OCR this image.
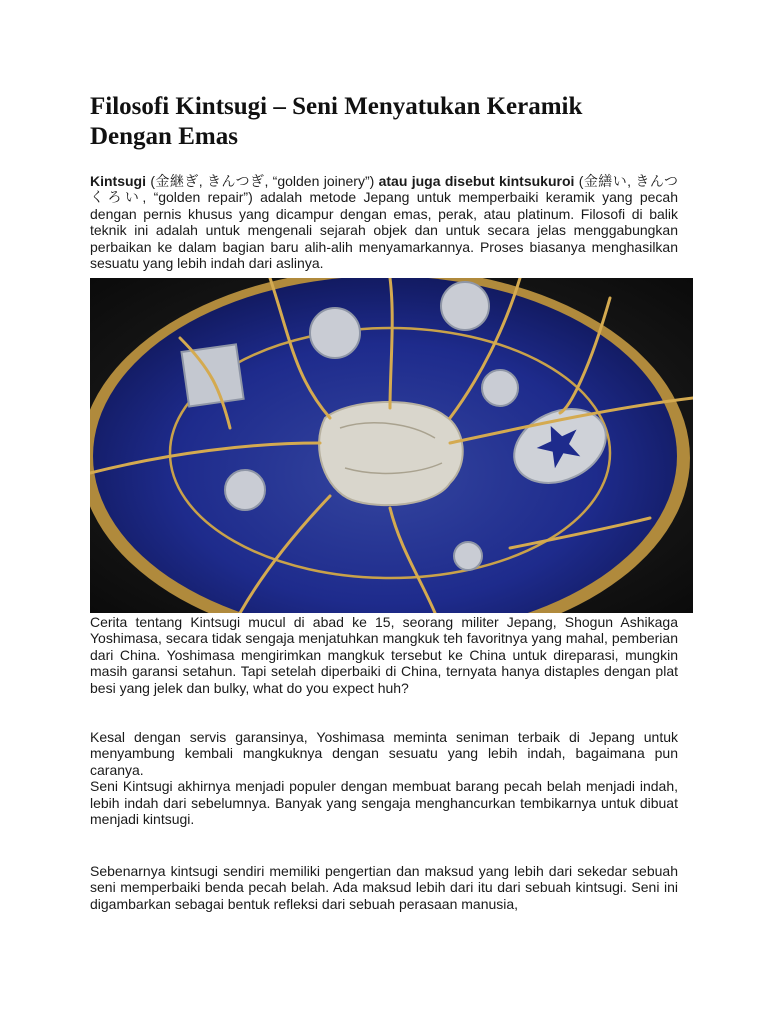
Filosofi Kintsugi – Seni Menyatukan Keramik
Dengan Emas

Kintsugi (金継ぎ, きんつぎ, “golden joinery”) atau juga disebut kintsukuroi (金繕い, きんつくろい, “golden repair”) adalah metode Jepang untuk memperbaiki keramik yang pecah dengan pernis khusus yang dicampur dengan emas, perak, atau platinum. Filosofi di balik teknik ini adalah untuk mengenali sejarah objek dan untuk secara jelas menggabungkan perbaikan ke dalam bagian baru alih-alih menyamarkannya. Proses biasanya menghasilkan sesuatu yang lebih indah dari aslinya.

Cerita tentang Kintsugi mucul di abad ke 15, seorang militer Jepang, Shogun Ashikaga Yoshimasa, secara tidak sengaja menjatuhkan mangkuk teh favoritnya yang mahal, pemberian dari China. Yoshimasa mengirimkan mangkuk tersebut ke China untuk direparasi, mungkin masih garansi setahun. Tapi setelah diperbaiki di China, ternyata hanya distaples dengan plat besi yang jelek dan bulky, what do you expect huh?

Kesal dengan servis garansinya, Yoshimasa meminta seniman terbaik di Jepang untuk menyambung kembali mangkuknya dengan sesuatu yang lebih indah, bagaimana pun caranya.

Seni Kintsugi akhirnya menjadi populer dengan membuat barang pecah belah menjadi indah, lebih indah dari sebelumnya. Banyak yang sengaja menghancurkan tembikarnya untuk dibuat menjadi kintsugi.

Sebenarnya kintsugi sendiri memiliki pengertian dan maksud yang lebih dari sekedar sebuah seni memperbaiki benda pecah belah. Ada maksud lebih dari itu dari sebuah kintsugi. Seni ini digambarkan sebagai bentuk refleksi dari sebuah perasaan manusia,
